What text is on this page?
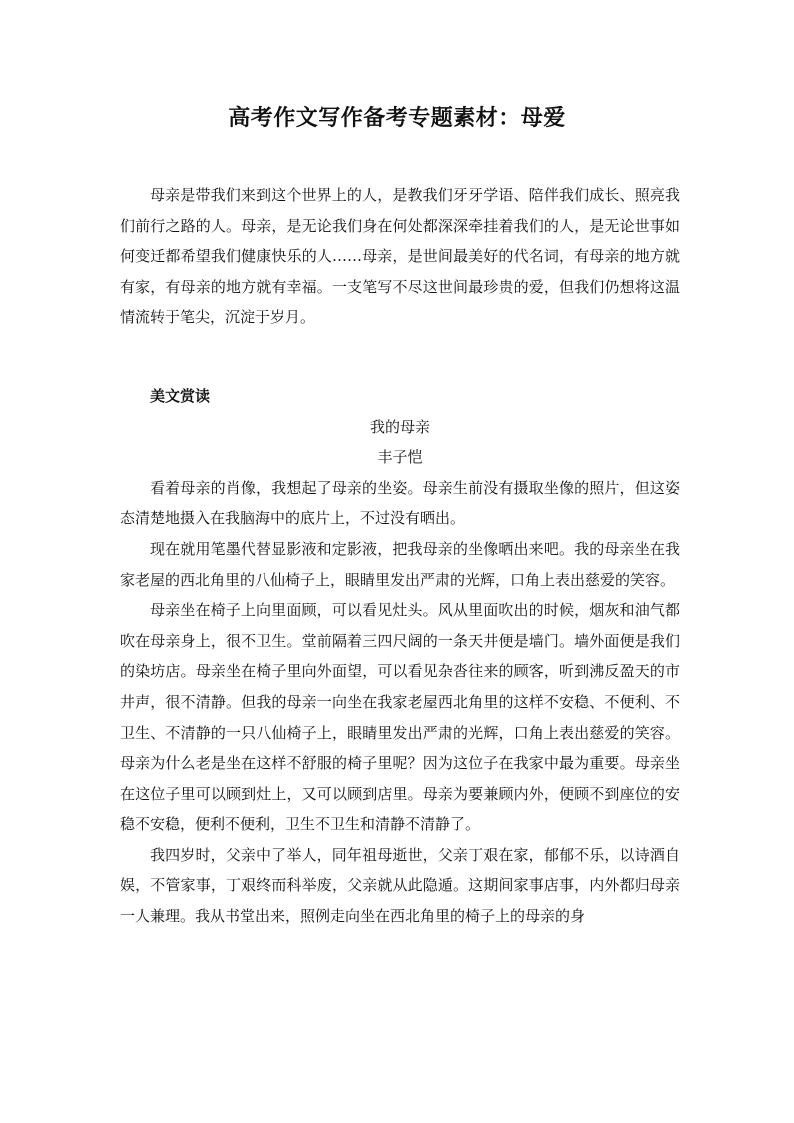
高考作文写作备考专题素材：母爱

母亲是带我们来到这个世界上的人，是教我们牙牙学语、陪伴我们成长、照亮我们前行之路的人。母亲，是无论我们身在何处都深深牵挂着我们的人，是无论世事如何变迁都希望我们健康快乐的人……母亲，是世间最美好的代名词，有母亲的地方就有家，有母亲的地方就有幸福。一支笔写不尽这世间最珍贵的爱，但我们仍想将这温情流转于笔尖，沉淀于岁月。

美文赏读

我的母亲

丰子恺

看着母亲的肖像，我想起了母亲的坐姿。母亲生前没有摄取坐像的照片，但这姿态清楚地摄入在我脑海中的底片上，不过没有晒出。

现在就用笔墨代替显影液和定影液，把我母亲的坐像晒出来吧。我的母亲坐在我家老屋的西北角里的八仙椅子上，眼睛里发出严肃的光辉，口角上表出慈爱的笑容。

母亲坐在椅子上向里面顾，可以看见灶头。风从里面吹出的时候，烟灰和油气都吹在母亲身上，很不卫生。堂前隔着三四尺阔的一条天井便是墙门。墙外面便是我们的染坊店。母亲坐在椅子里向外面望，可以看见杂沓往来的顾客，听到沸反盈天的市井声，很不清静。但我的母亲一向坐在我家老屋西北角里的这样不安稳、不便利、不卫生、不清静的一只八仙椅子上，眼睛里发出严肃的光辉，口角上表出慈爱的笑容。母亲为什么老是坐在这样不舒服的椅子里呢？因为这位子在我家中最为重要。母亲坐在这位子里可以顾到灶上，又可以顾到店里。母亲为要兼顾内外，便顾不到座位的安稳不安稳，便利不便利，卫生不卫生和清静不清静了。

我四岁时，父亲中了举人，同年祖母逝世，父亲丁艰在家，郁郁不乐，以诗酒自娱，不管家事，丁艰终而科举废，父亲就从此隐遁。这期间家事店事，内外都归母亲一人兼理。我从书堂出来，照例走向坐在西北角里的椅子上的母亲的身
